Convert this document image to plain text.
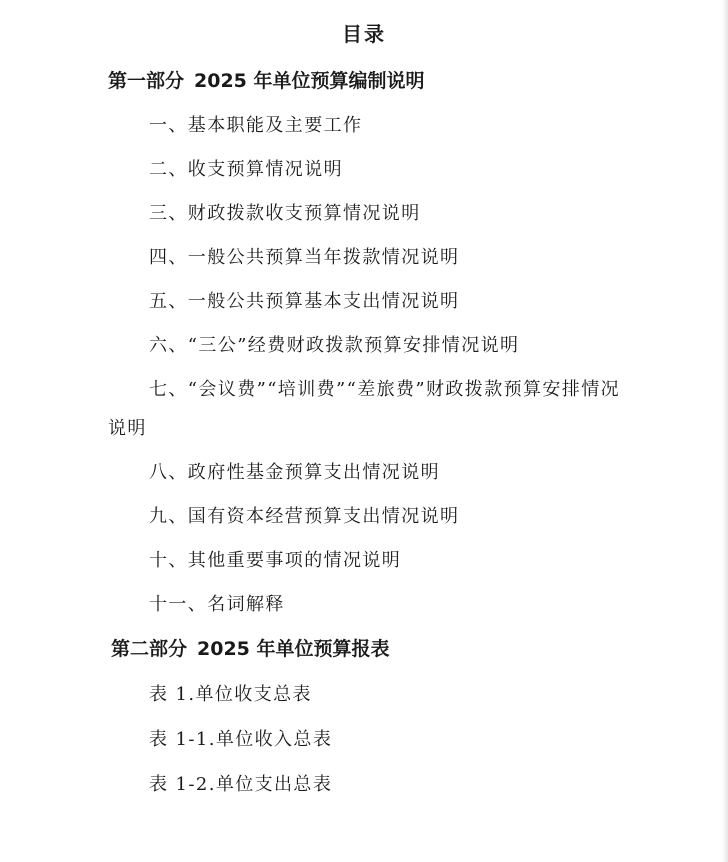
目录
第一部分 2025 年单位预算编制说明
一、基本职能及主要工作
二、收支预算情况说明
三、财政拨款收支预算情况说明
四、一般公共预算当年拨款情况说明
五、一般公共预算基本支出情况说明
六、“三公”经费财政拨款预算安排情况说明
七、“会议费”“培训费”“差旅费”财政拨款预算安排情况
说明
八、政府性基金预算支出情况说明
九、国有资本经营预算支出情况说明
十、其他重要事项的情况说明
十一、名词解释
第二部分 2025 年单位预算报表
表 1.单位收支总表
表 1-1.单位收入总表
表 1-2.单位支出总表
